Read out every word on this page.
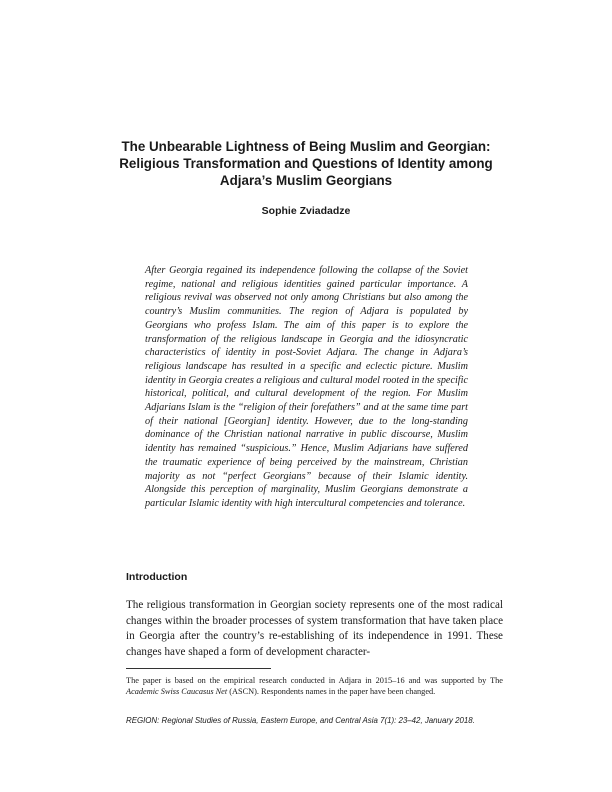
The Unbearable Lightness of Being Muslim and Georgian:
Religious Transformation and Questions of Identity among
Adjara’s Muslim Georgians

Sophie Zviadadze

After Georgia regained its independence following the collapse of the Soviet regime, national and religious identities gained particular importance. A religious revival was observed not only among Christians but also among the country’s Muslim communities. The region of Adjara is populated by Georgians who profess Islam. The aim of this paper is to explore the transformation of the religious landscape in Georgia and the idiosyncratic characteristics of identity in post-Soviet Adjara. The change in Adjara’s religious landscape has resulted in a specific and eclectic picture. Muslim identity in Georgia creates a religious and cultural model rooted in the specific historical, political, and cultural development of the region. For Muslim Adjarians Islam is the “religion of their forefathers” and at the same time part of their national [Georgian] identity. However, due to the long-standing dominance of the Christian national narrative in public discourse, Muslim identity has remained “suspicious.” Hence, Muslim Adjarians have suffered the traumatic experience of being perceived by the mainstream, Christian majority as not “perfect Georgians” because of their Islamic identity. Alongside this perception of marginality, Muslim Georgians demonstrate a particular Islamic identity with high intercultural competencies and tolerance.

Introduction

The religious transformation in Georgian society represents one of the most radical changes within the broader processes of system transformation that have taken place in Georgia after the country’s re-establishing of its independence in 1991. These changes have shaped a form of development character-

The paper is based on the empirical research conducted in Adjara in 2015–16 and was supported by The Academic Swiss Caucasus Net (ASCN). Respondents names in the paper have been changed.

REGION: Regional Studies of Russia, Eastern Europe, and Central Asia 7(1): 23–42, January 2018.
